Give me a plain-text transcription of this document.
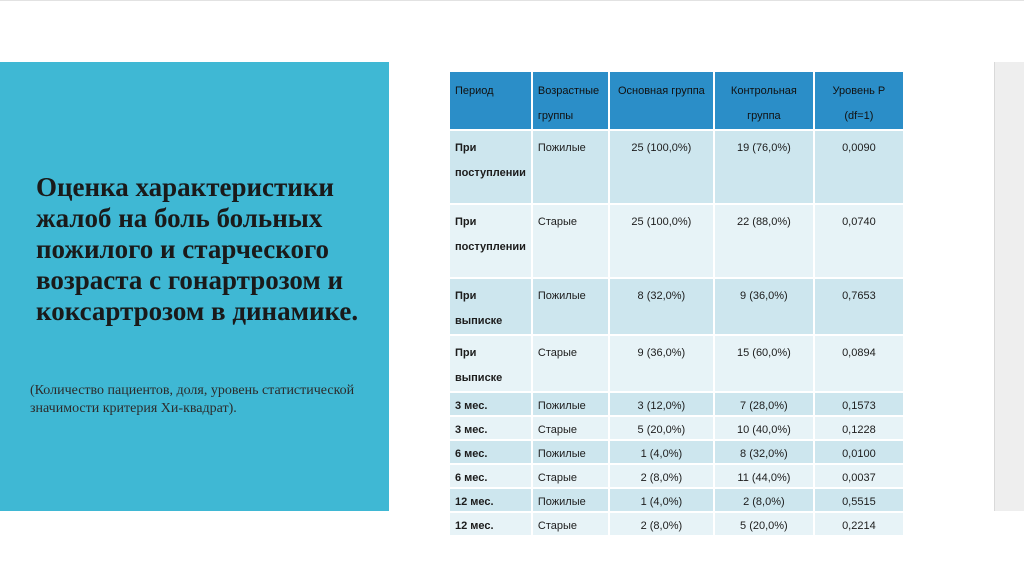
Оценка характеристики жалоб на боль больных пожилого и старческого возраста с гонартрозом и коксартрозом в динамике.

(Количество пациентов, доля, уровень статистической значимости критерия Хи-квадрат).

Период	Возрастные группы	Основная группа	Контрольная группа	Уровень P (df=1)
При поступлении	Пожилые	25 (100,0%)	19 (76,0%)	0,0090
При поступлении	Старые	25 (100,0%)	22 (88,0%)	0,0740
При выписке	Пожилые	8 (32,0%)	9 (36,0%)	0,7653
При выписке	Старые	9 (36,0%)	15 (60,0%)	0,0894
3 мес.	Пожилые	3 (12,0%)	7 (28,0%)	0,1573
3 мес.	Старые	5 (20,0%)	10 (40,0%)	0,1228
6 мес.	Пожилые	1 (4,0%)	8 (32,0%)	0,0100
6 мес.	Старые	2 (8,0%)	11 (44,0%)	0,0037
12 мес.	Пожилые	1 (4,0%)	2 (8,0%)	0,5515
12 мес.	Старые	2 (8,0%)	5 (20,0%)	0,2214
